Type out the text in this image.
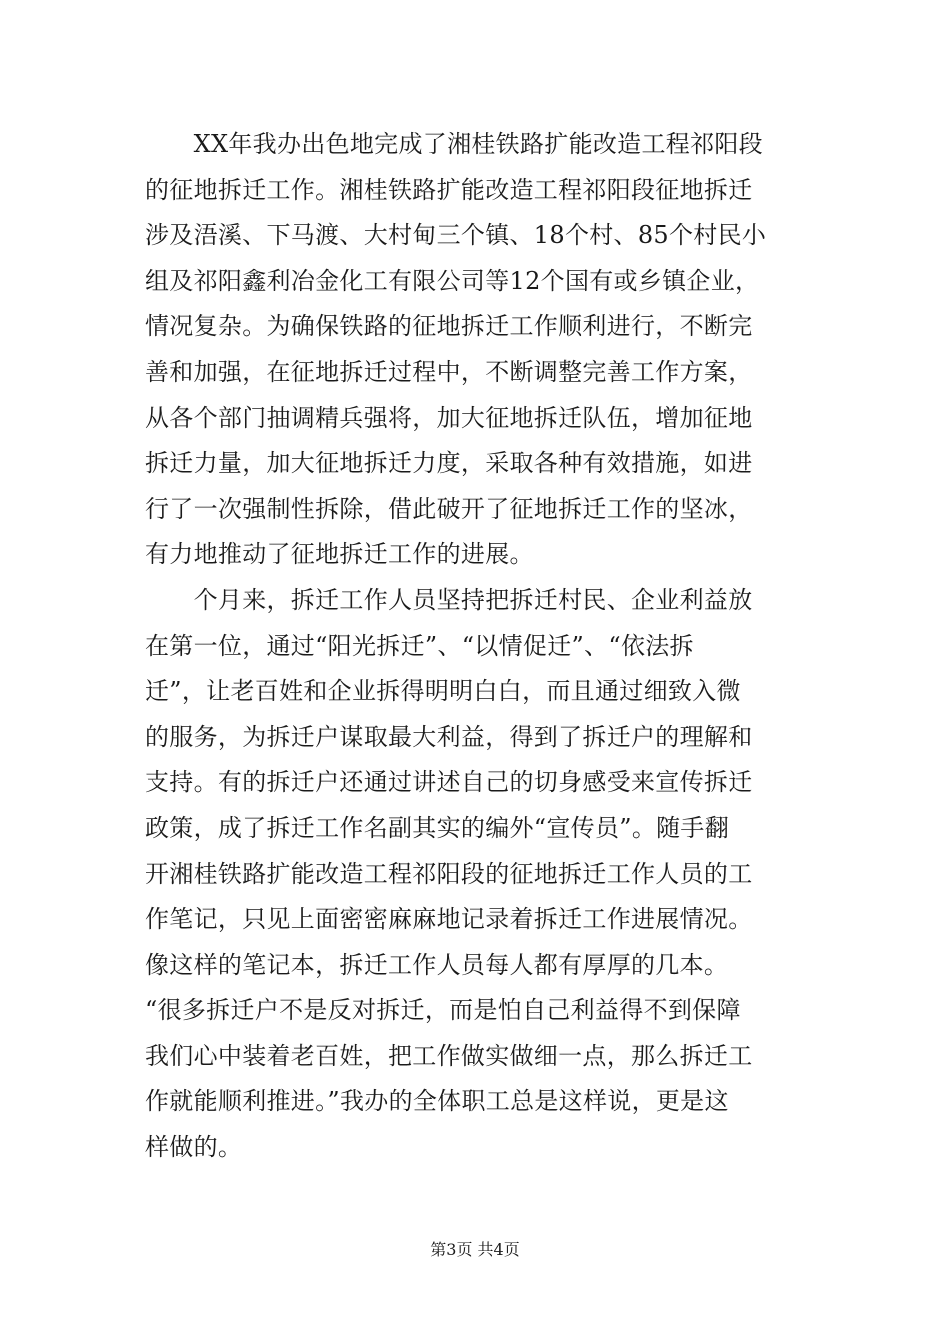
　　XX年我办出色地完成了湘桂铁路扩能改造工程祁阳段
的征地拆迁工作。湘桂铁路扩能改造工程祁阳段征地拆迁
涉及浯溪、下马渡、大村甸三个镇、18个村、85个村民小
组及祁阳鑫利冶金化工有限公司等12个国有或乡镇企业，
情况复杂。为确保铁路的征地拆迁工作顺利进行，不断完
善和加强，在征地拆迁过程中，不断调整完善工作方案，
从各个部门抽调精兵强将，加大征地拆迁队伍，增加征地
拆迁力量，加大征地拆迁力度，采取各种有效措施，如进
行了一次强制性拆除，借此破开了征地拆迁工作的坚冰，
有力地推动了征地拆迁工作的进展。
　　个月来，拆迁工作人员坚持把拆迁村民、企业利益放
在第一位，通过“阳光拆迁”、“以情促迁”、“依法拆
迁”，让老百姓和企业拆得明明白白，而且通过细致入微
的服务，为拆迁户谋取最大利益，得到了拆迁户的理解和
支持。有的拆迁户还通过讲述自己的切身感受来宣传拆迁
政策，成了拆迁工作名副其实的编外“宣传员”。随手翻
开湘桂铁路扩能改造工程祁阳段的征地拆迁工作人员的工
作笔记，只见上面密密麻麻地记录着拆迁工作进展情况。
像这样的笔记本，拆迁工作人员每人都有厚厚的几本。
“很多拆迁户不是反对拆迁，而是怕自己利益得不到保障
我们心中装着老百姓，把工作做实做细一点，那么拆迁工
作就能顺利推进。”我办的全体职工总是这样说，更是这
样做的。
第3页 共4页
